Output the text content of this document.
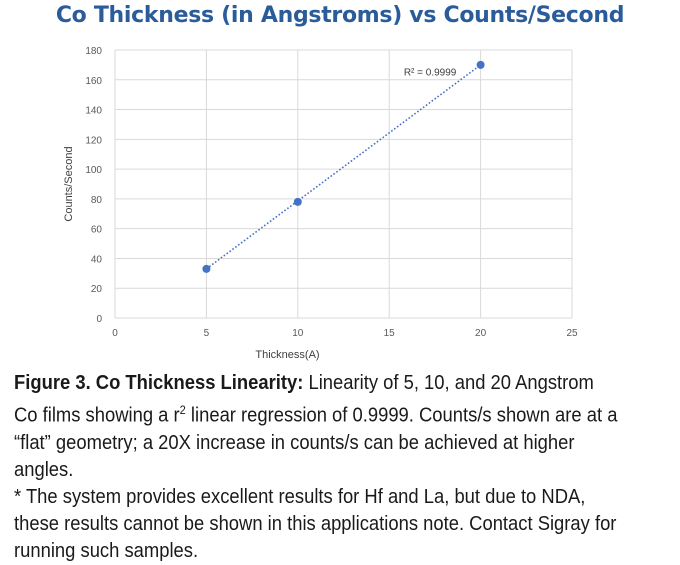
Co Thickness (in Angstroms) vs Counts/Second
0
20
40
60
80
100
120
140
160
180
0	5	10	15	20	25
R² = 0.9999
Counts/Second
Thickness(A)

Figure 3. Co Thickness Linearity: Linearity of 5, 10, and 20 Angstrom Co films showing a $r^2$ linear regression of 0.9999. Counts/s shown are at a “flat” geometry; a 20X increase in counts/s can be achieved at higher angles.

* The system provides excellent results for Hf and La, but due to NDA, these results cannot be shown in this applications note. Contact Sigray for running such samples.
